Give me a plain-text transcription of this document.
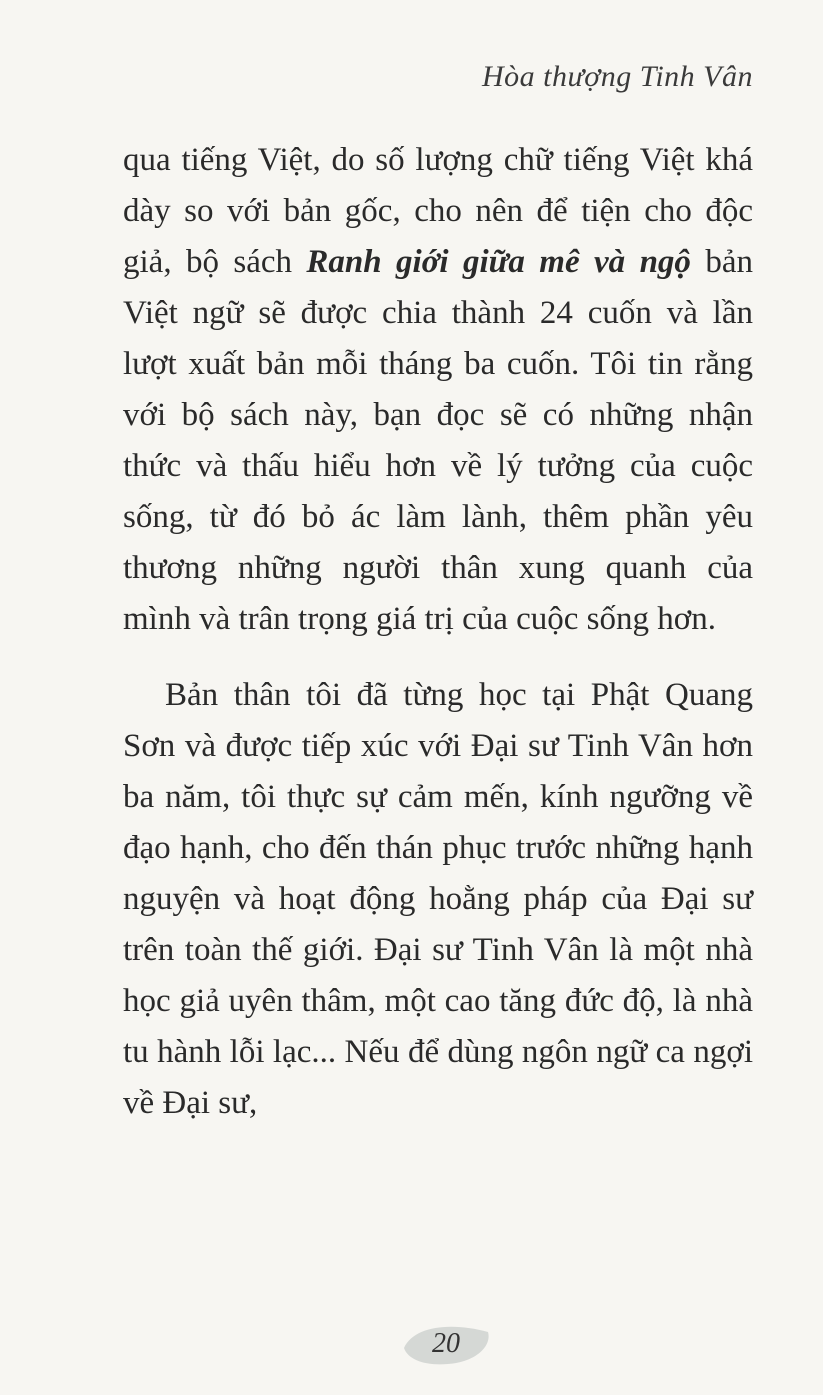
Hòa thượng Tinh Vân

qua tiếng Việt, do số lượng chữ tiếng Việt khá dày so với bản gốc, cho nên để tiện cho độc giả, bộ sách Ranh giới giữa mê và ngộ bản Việt ngữ sẽ được chia thành 24 cuốn và lần lượt xuất bản mỗi tháng ba cuốn. Tôi tin rằng với bộ sách này, bạn đọc sẽ có những nhận thức và thấu hiểu hơn về lý tưởng của cuộc sống, từ đó bỏ ác làm lành, thêm phần yêu thương những người thân xung quanh của mình và trân trọng giá trị của cuộc sống hơn.

Bản thân tôi đã từng học tại Phật Quang Sơn và được tiếp xúc với Đại sư Tinh Vân hơn ba năm, tôi thực sự cảm mến, kính ngưỡng về đạo hạnh, cho đến thán phục trước những hạnh nguyện và hoạt động hoằng pháp của Đại sư trên toàn thế giới. Đại sư Tinh Vân là một nhà học giả uyên thâm, một cao tăng đức độ, là nhà tu hành lỗi lạc... Nếu để dùng ngôn ngữ ca ngợi về Đại sư,

20
